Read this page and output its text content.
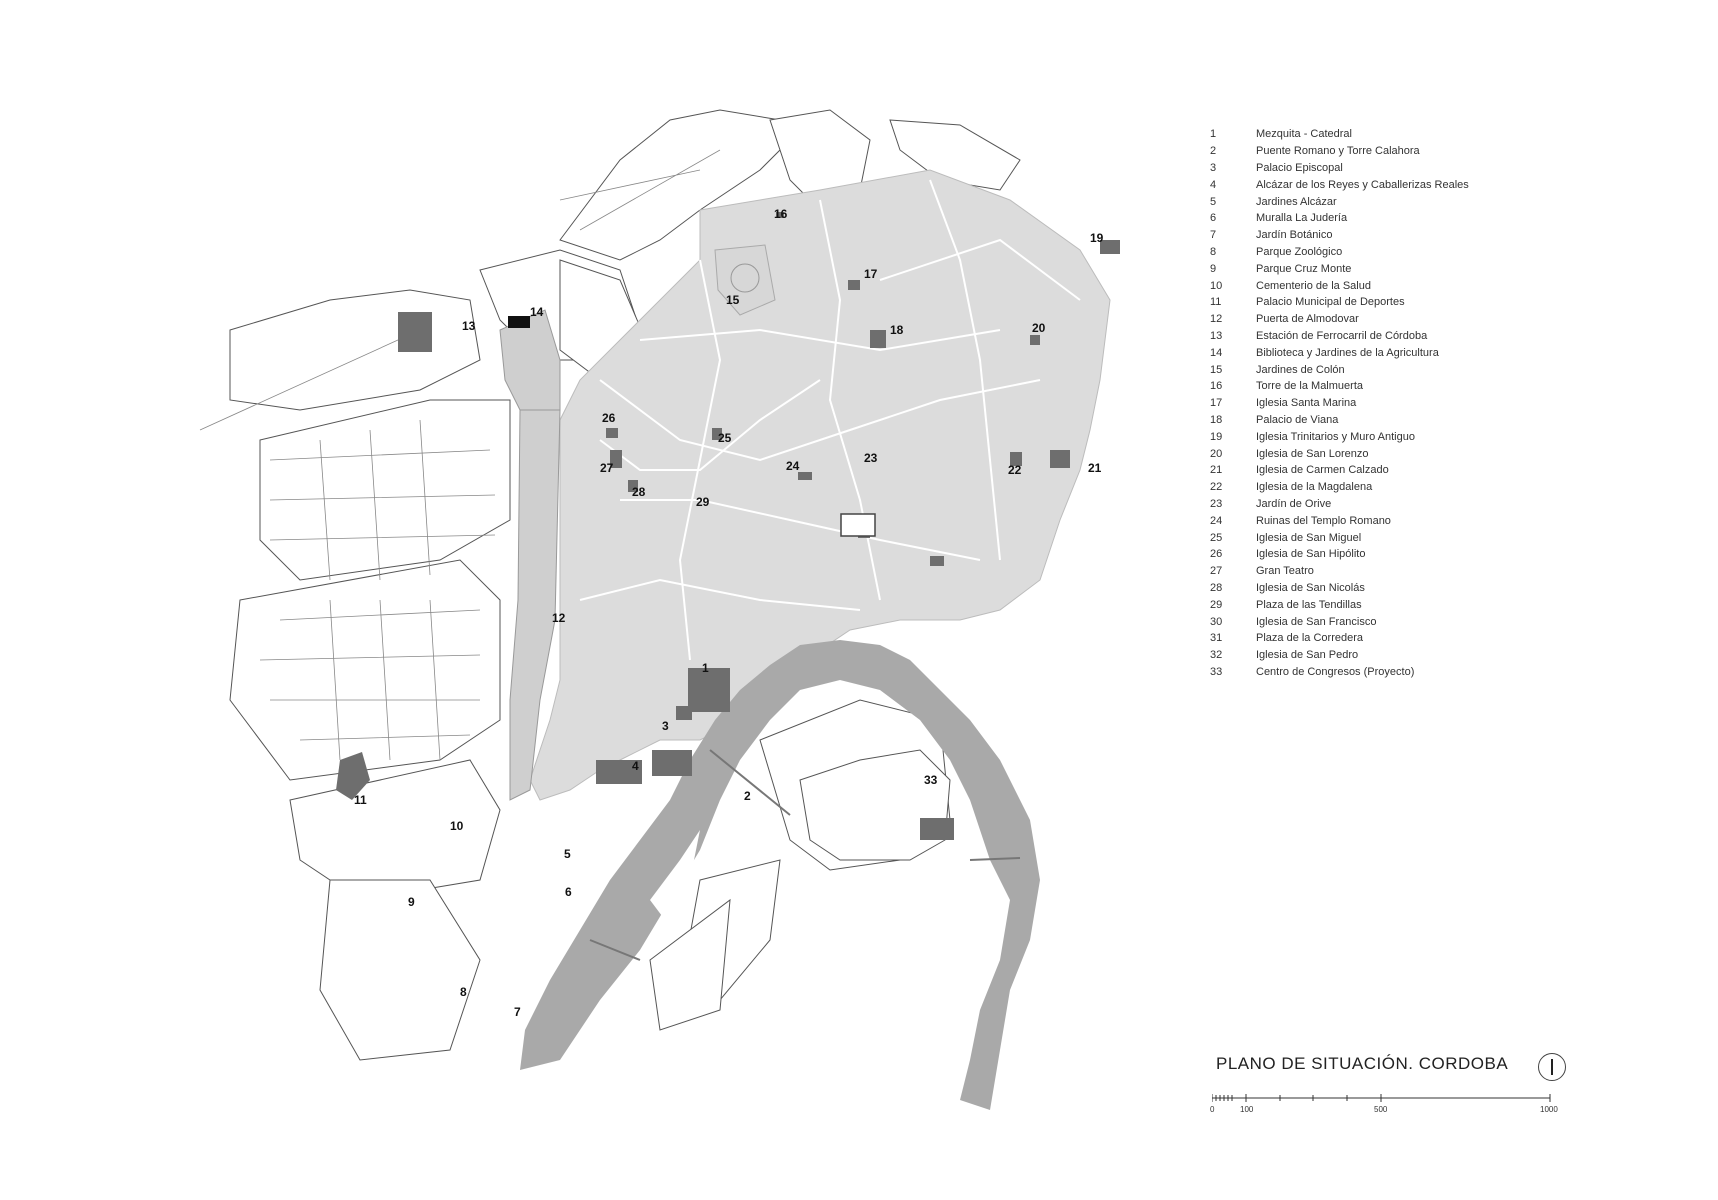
1
2
3
4
5
6
7
8
9
10
11
12
13
14
15
16
17
18
19
20
21
22
23
24
25
26
27
28
29
33
1	Mezquita - Catedral
2	Puente Romano y Torre Calahora
3	Palacio Episcopal
4	Alcázar de los Reyes y Caballerizas Reales
5	Jardines Alcázar
6	Muralla La Judería
7	Jardín Botánico
8	Parque Zoológico
9	Parque Cruz Monte
10	Cementerio de la Salud
11	Palacio Municipal de Deportes
12	Puerta de Almodovar
13	Estación de Ferrocarril de Córdoba
14	Biblioteca y Jardines de la Agricultura
15	Jardines de Colón
16	Torre de la Malmuerta
17	Iglesia Santa Marina
18	Palacio de Viana
19	Iglesia Trinitarios y Muro Antiguo
20	Iglesia de San Lorenzo
21	Iglesia de Carmen Calzado
22	Iglesia de la Magdalena
23	Jardín de Orive
24	Ruinas del Templo Romano
25	Iglesia de San Miguel
26	Iglesia de San Hipólito
27	Gran Teatro
28	Iglesia de San Nicolás
29	Plaza de las Tendillas
30	Iglesia de San Francisco
31	Plaza de la Corredera
32	Iglesia de San Pedro
33	Centro de Congresos (Proyecto)
PLANO DE SITUACIÓN. CORDOBA
0	100	500	1000
